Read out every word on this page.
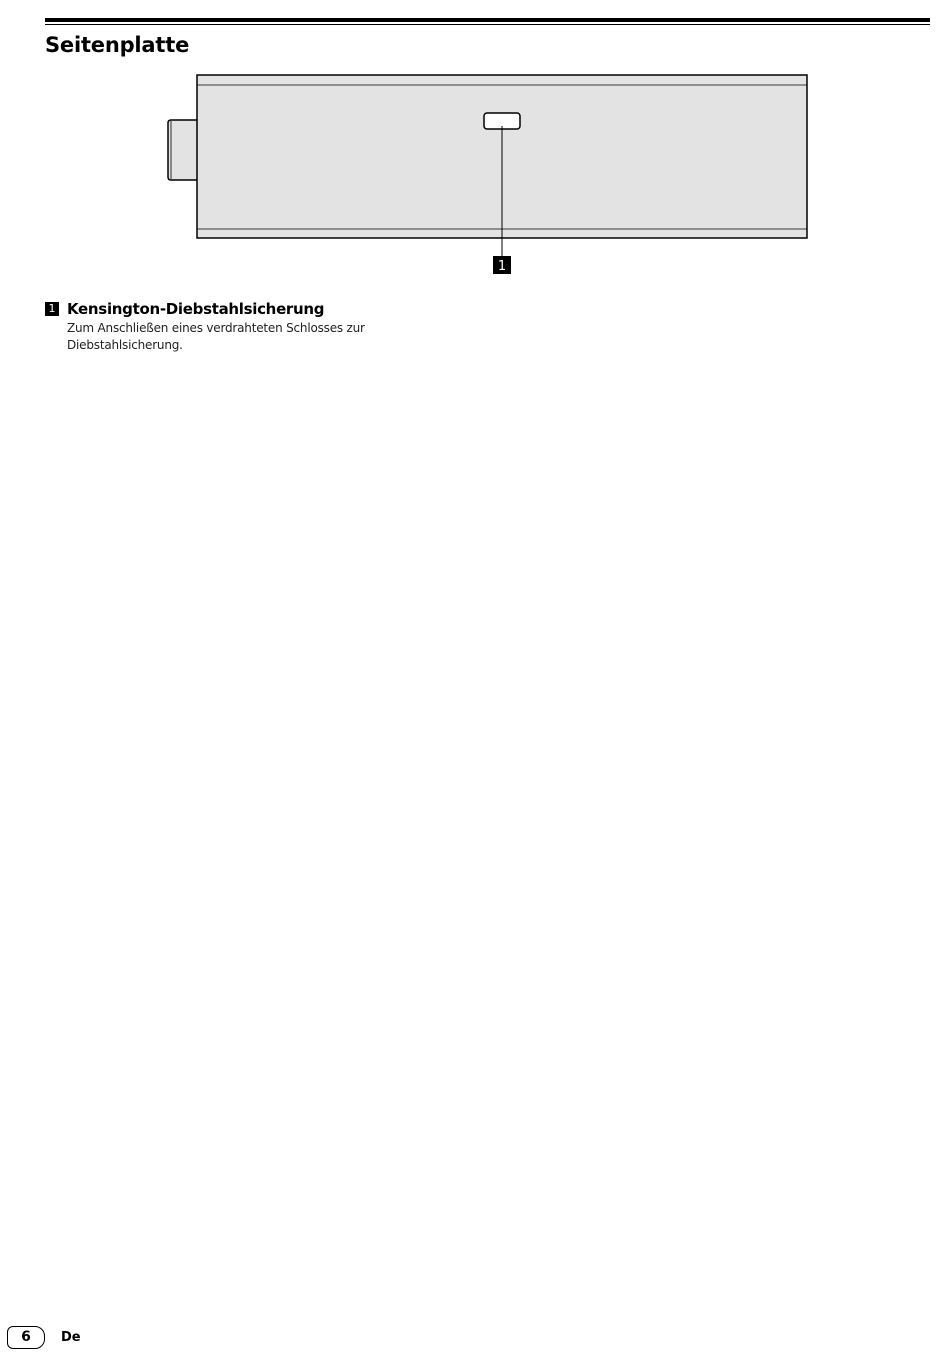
Seitenplatte
1
1 Kensington-Diebstahlsicherung

Zum Anschließen eines verdrahteten Schlosses zur Diebstahlsicherung.

6	De
